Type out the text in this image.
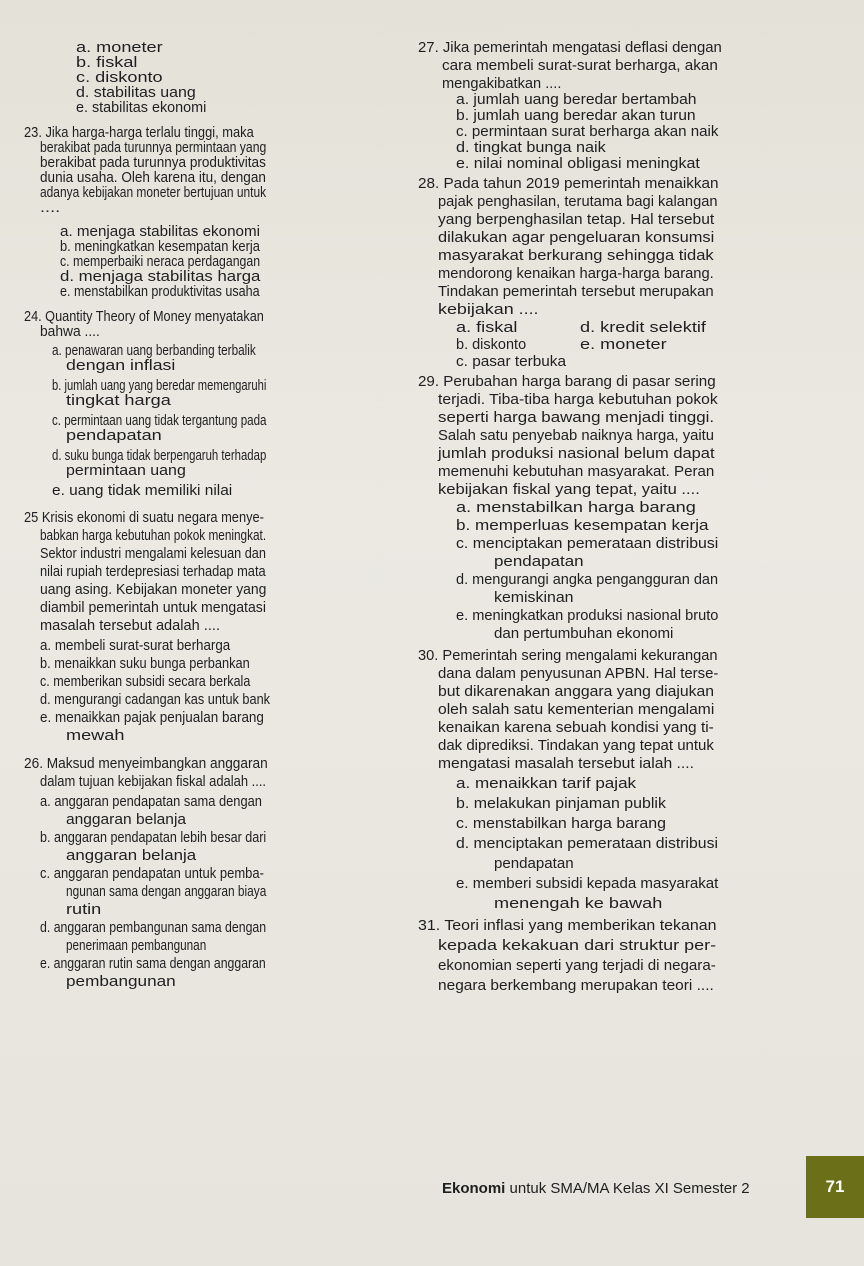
a. moneter
b. fiskal
c. diskonto
d. stabilitas uang
e. stabilitas ekonomi
23. Jika harga-harga terlalu tinggi, maka
berakibat pada turunnya permintaan yang
berakibat pada turunnya produktivitas
dunia usaha. Oleh karena itu, dengan
adanya kebijakan moneter bertujuan untuk
....
a. menjaga stabilitas ekonomi
b. meningkatkan kesempatan kerja
c. memperbaiki neraca perdagangan
d. menjaga stabilitas harga
e. menstabilkan produktivitas usaha
24. Quantity Theory of Money menyatakan
bahwa ....
a. penawaran uang berbanding terbalik
dengan inflasi
b. jumlah uang yang beredar memengaruhi
tingkat harga
c. permintaan uang tidak tergantung pada
pendapatan
d. suku bunga tidak berpengaruh terhadap
permintaan uang
e. uang tidak memiliki nilai
25 Krisis ekonomi di suatu negara menye-
babkan harga kebutuhan pokok meningkat.
Sektor industri mengalami kelesuan dan
nilai rupiah terdepresiasi terhadap mata
uang asing. Kebijakan moneter yang
diambil pemerintah untuk mengatasi
masalah tersebut adalah ....
a. membeli surat-surat berharga
b. menaikkan suku bunga perbankan
c. memberikan subsidi secara berkala
d. mengurangi cadangan kas untuk bank
e. menaikkan pajak penjualan barang
mewah
26. Maksud menyeimbangkan anggaran
dalam tujuan kebijakan fiskal adalah ....
a. anggaran pendapatan sama dengan
anggaran belanja
b. anggaran pendapatan lebih besar dari
anggaran belanja
c. anggaran pendapatan untuk pemba-
ngunan sama dengan anggaran biaya
rutin
d. anggaran pembangunan sama dengan
penerimaan pembangunan
e. anggaran rutin sama dengan anggaran
pembangunan
27. Jika pemerintah mengatasi deflasi dengan
cara membeli surat-surat berharga, akan
mengakibatkan ....
a. jumlah uang beredar bertambah
b. jumlah uang beredar akan turun
c. permintaan surat berharga akan naik
d. tingkat bunga naik
e. nilai nominal obligasi meningkat
28. Pada tahun 2019 pemerintah menaikkan
pajak penghasilan, terutama bagi kalangan
yang berpenghasilan tetap. Hal tersebut
dilakukan agar pengeluaran konsumsi
masyarakat berkurang sehingga tidak
mendorong kenaikan harga-harga barang.
Tindakan pemerintah tersebut merupakan
kebijakan ....
a. fiskal	d. kredit selektif
b. diskonto	e. moneter
c. pasar terbuka
29. Perubahan harga barang di pasar sering
terjadi. Tiba-tiba harga kebutuhan pokok
seperti harga bawang menjadi tinggi.
Salah satu penyebab naiknya harga, yaitu
jumlah produksi nasional belum dapat
memenuhi kebutuhan masyarakat. Peran
kebijakan fiskal yang tepat, yaitu ....
a. menstabilkan harga barang
b. memperluas kesempatan kerja
c. menciptakan pemerataan distribusi
pendapatan
d. mengurangi angka pengangguran dan
kemiskinan
e. meningkatkan produksi nasional bruto
dan pertumbuhan ekonomi
30. Pemerintah sering mengalami kekurangan
dana dalam penyusunan APBN. Hal terse-
but dikarenakan anggara yang diajukan
oleh salah satu kementerian mengalami
kenaikan karena sebuah kondisi yang ti-
dak diprediksi. Tindakan yang tepat untuk
mengatasi masalah tersebut ialah ....
a. menaikkan tarif pajak
b. melakukan pinjaman publik
c. menstabilkan harga barang
d. menciptakan pemerataan distribusi
pendapatan
e. memberi subsidi kepada masyarakat
menengah ke bawah
31. Teori inflasi yang memberikan tekanan
kepada kekakuan dari struktur per-
ekonomian seperti yang terjadi di negara-
negara berkembang merupakan teori ....
Ekonomi untuk SMA/MA Kelas XI Semester 2	71
